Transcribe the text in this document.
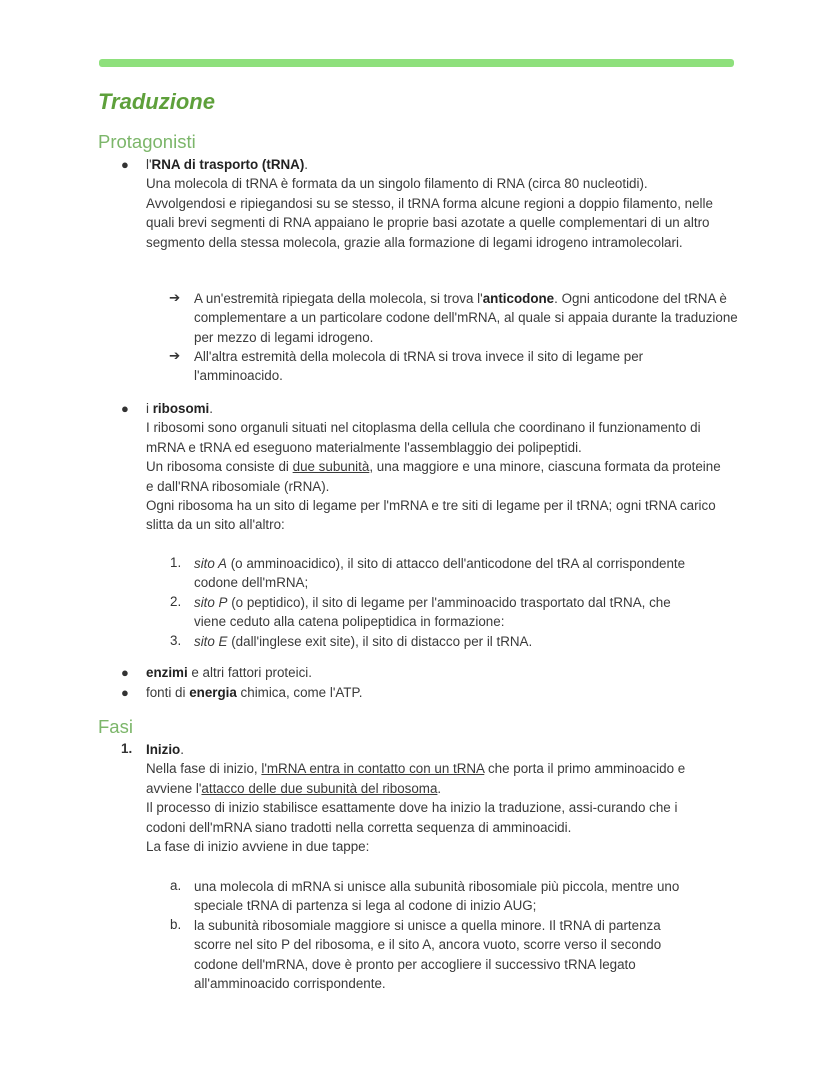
Traduzione
Protagonisti
● l'RNA di trasporto (tRNA).

Una molecola di tRNA è formata da un singolo filamento di RNA (circa 80 nucleotidi).

Avvolgendosi e ripiegandosi su se stesso, il tRNA forma alcune regioni a doppio filamento, nelle quali brevi segmenti di RNA appaiano le proprie basi azotate a quelle complementari di un altro segmento della stessa molecola, grazie alla formazione di legami idrogeno intramolecolari.

➔ A un'estremità ripiegata della molecola, si trova l'anticodone. Ogni anticodone del tRNA è complementare a un particolare codone dell'mRNA, al quale si appaia durante la traduzione per mezzo di legami idrogeno.

➔ All'altra estremità della molecola di tRNA si trova invece il sito di legame per l'amminoacido.

● i ribosomi.

I ribosomi sono organuli situati nel citoplasma della cellula che coordinano il funzionamento di mRNA e tRNA ed eseguono materialmente l'assemblaggio dei polipeptidi.

Un ribosoma consiste di due subunità, una maggiore e una minore, ciascuna formata da proteine e dall'RNA ribosomiale (rRNA).

Ogni ribosoma ha un sito di legame per l'mRNA e tre siti di legame per il tRNA; ogni tRNA carico slitta da un sito all'altro:

1. sito A (o amminoacidico), il sito di attacco dell'anticodone del tRA al corrispondente codone dell'mRNA;

2. sito P (o peptidico), il sito di legame per l'amminoacido trasportato dal tRNA, che viene ceduto alla catena polipeptidica in formazione:

3. sito E (dall'inglese exit site), il sito di distacco per il tRNA.

● enzimi e altri fattori proteici.

● fonti di energia chimica, come l'ATP.

Fasi
1. Inizio.

Nella fase di inizio, l'mRNA entra in contatto con un tRNA che porta il primo amminoacido e avviene l'attacco delle due subunità del ribosoma.

Il processo di inizio stabilisce esattamente dove ha inizio la traduzione, assi-curando che i codoni dell'mRNA siano tradotti nella corretta sequenza di amminoacidi.

La fase di inizio avviene in due tappe:

a. una molecola di mRNA si unisce alla subunità ribosomiale più piccola, mentre uno speciale tRNA di partenza si lega al codone di inizio AUG;

b. la subunità ribosomiale maggiore si unisce a quella minore. Il tRNA di partenza scorre nel sito P del ribosoma, e il sito A, ancora vuoto, scorre verso il secondo codone dell'mRNA, dove è pronto per accogliere il successivo tRNA legato all'amminoacido corrispondente.
